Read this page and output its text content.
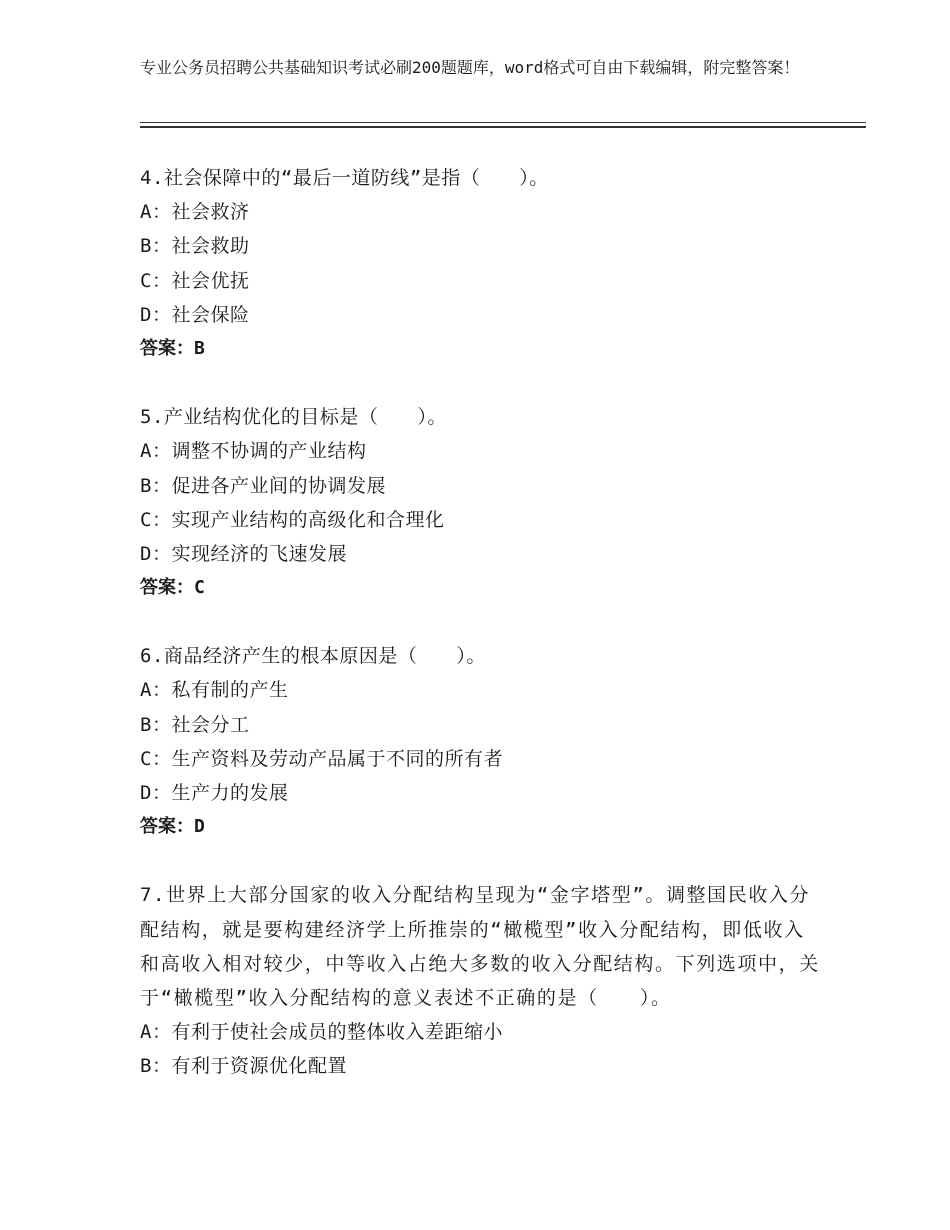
专业公务员招聘公共基础知识考试必刷200题题库，word格式可自由下载编辑，附完整答案！
4.社会保障中的“最后一道防线”是指（　　）。
A：社会救济
B：社会救助
C：社会优抚
D：社会保险
答案：B
5.产业结构优化的目标是（　　）。
A：调整不协调的产业结构
B：促进各产业间的协调发展
C：实现产业结构的高级化和合理化
D：实现经济的飞速发展
答案：C
6.商品经济产生的根本原因是（　　）。
A：私有制的产生
B：社会分工
C：生产资料及劳动产品属于不同的所有者
D：生产力的发展
答案：D
7.世界上大部分国家的收入分配结构呈现为“金字塔型”。调整国民收入分配结构，就是要构建经济学上所推崇的“橄榄型”收入分配结构，即低收入和高收入相对较少，中等收入占绝大多数的收入分配结构。下列选项中，关于“橄榄型”收入分配结构的意义表述不正确的是（　　）。
A：有利于使社会成员的整体收入差距缩小
B：有利于资源优化配置
